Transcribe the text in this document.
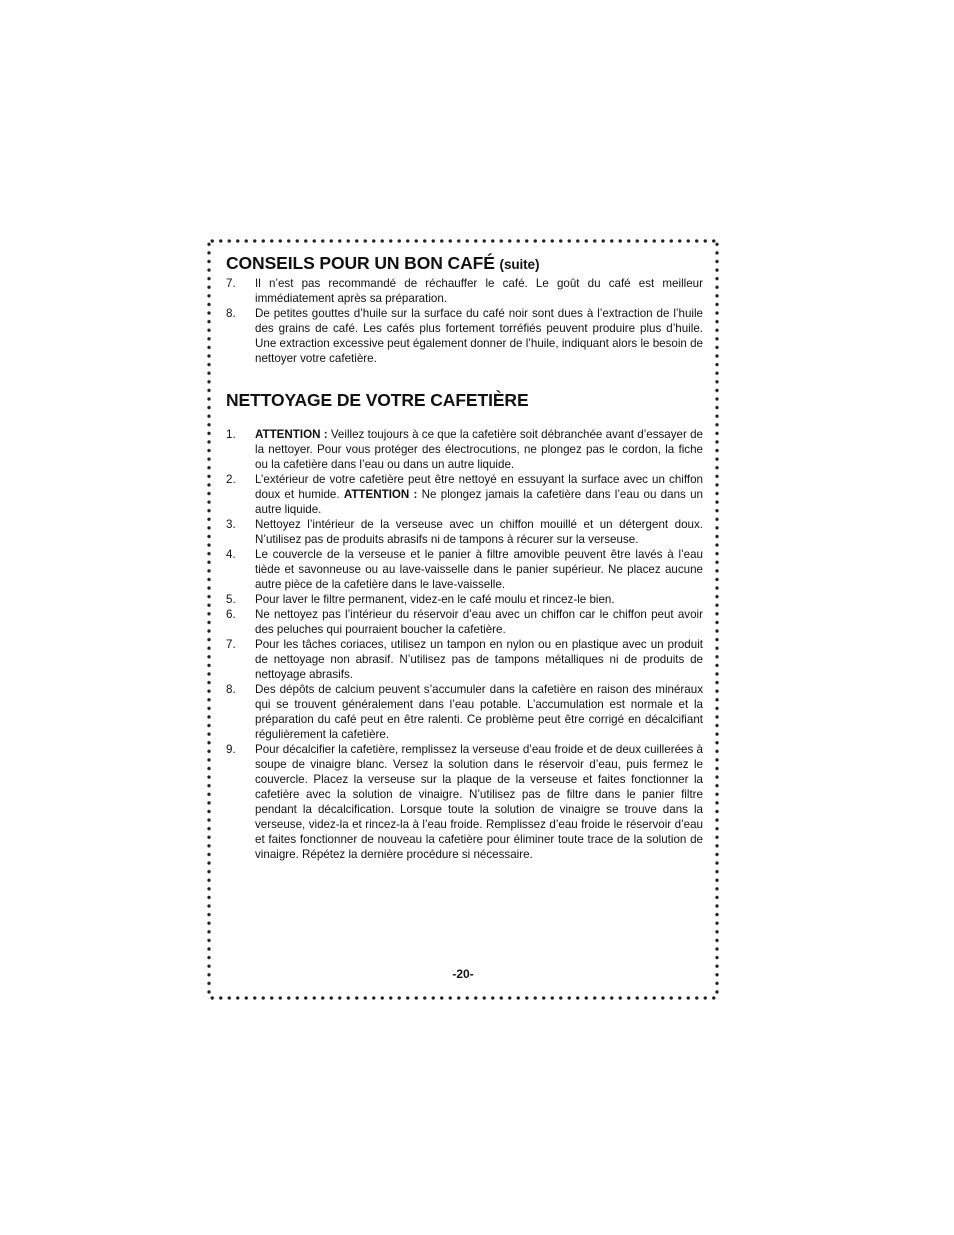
CONSEILS POUR UN BON CAFÉ (suite)
7.	Il n’est pas recommandé de réchauffer le café. Le goût du café est meilleur immédiatement après sa préparation.
8.	De petites gouttes d’huile sur la surface du café noir sont dues à l’extraction de l’huile des grains de café. Les cafés plus fortement torréfiés peuvent produire plus d’huile. Une extraction excessive peut également donner de l’huile, indiquant alors le besoin de nettoyer votre cafetière.
NETTOYAGE DE VOTRE CAFETIÈRE
1.	ATTENTION : Veillez toujours à ce que la cafetière soit débranchée avant d’essayer de la nettoyer. Pour vous protéger des électrocutions, ne plongez pas le cordon, la fiche ou la cafetière dans l’eau ou dans un autre liquide.
2.	L’extérieur de votre cafetière peut être nettoyé en essuyant la surface avec un chiffon doux et humide. ATTENTION : Ne plongez jamais la cafetière dans l’eau ou dans un autre liquide.
3.	Nettoyez l’intérieur de la verseuse avec un chiffon mouillé et un détergent doux. N’utilisez pas de produits abrasifs ni de tampons à récurer sur la verseuse.
4.	Le couvercle de la verseuse et le panier à filtre amovible peuvent être lavés à l’eau tiède et savonneuse ou au lave-vaisselle dans le panier supérieur. Ne placez aucune autre pièce de la cafetière dans le lave-vaisselle.
5.	Pour laver le filtre permanent, videz-en le café moulu et rincez-le bien.
6.	Ne nettoyez pas l’intérieur du réservoir d’eau avec un chiffon car le chiffon peut avoir des peluches qui pourraient boucher la cafetière.
7.	Pour les tâches coriaces, utilisez un tampon en nylon ou en plastique avec un produit de nettoyage non abrasif. N’utilisez pas de tampons métalliques ni de produits de nettoyage abrasifs.
8.	Des dépôts de calcium peuvent s’accumuler dans la cafetière en raison des minéraux qui se trouvent généralement dans l’eau potable. L’accumulation est normale et la préparation du café peut en être ralenti. Ce problème peut être corrigé en décalcifiant régulièrement la cafetière.
9.	Pour décalcifier la cafetière, remplissez la verseuse d’eau froide et de deux cuillerées à soupe de vinaigre blanc. Versez la solution dans le réservoir d’eau, puis fermez le couvercle. Placez la verseuse sur la plaque de la verseuse et faites fonctionner la cafetière avec la solution de vinaigre. N’utilisez pas de filtre dans le panier filtre pendant la décalcification. Lorsque toute la solution de vinaigre se trouve dans la verseuse, videz-la et rincez-la à l’eau froide. Remplissez d’eau froide le réservoir d’eau et faites fonctionner de nouveau la cafetière pour éliminer toute trace de la solution de vinaigre. Répétez la dernière procédure si nécessaire.
-20-
